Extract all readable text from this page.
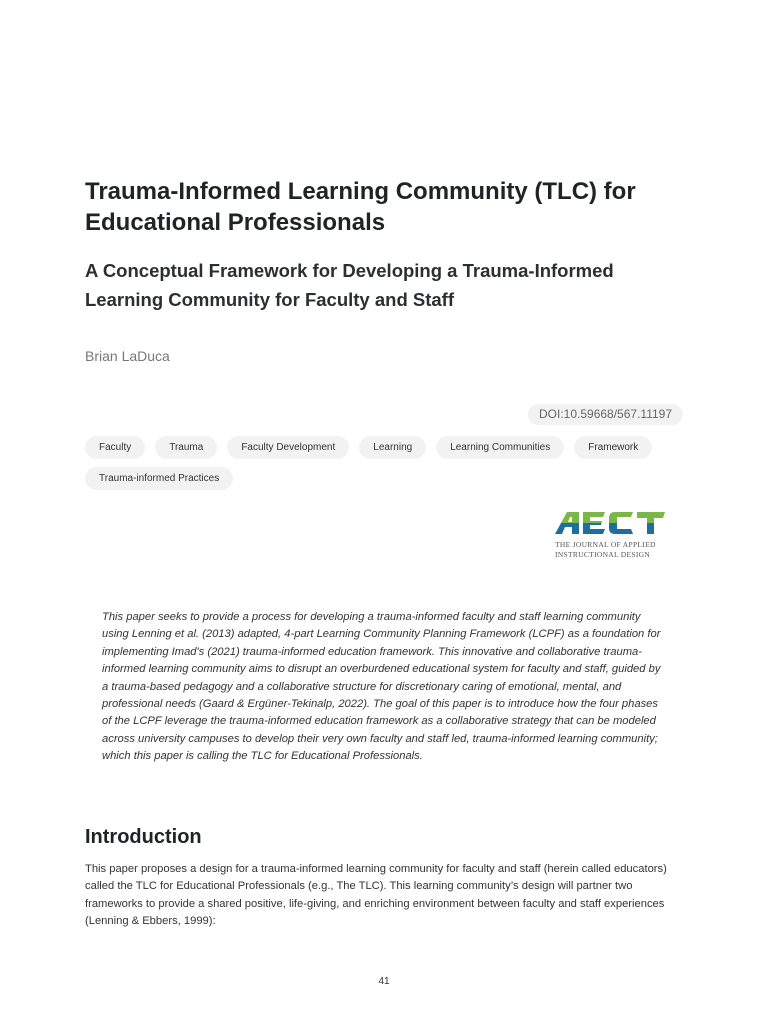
Trauma-Informed Learning Community (TLC) for Educational Professionals
A Conceptual Framework for Developing a Trauma-Informed Learning Community for Faculty and Staff

Brian LaDuca

DOI:10.59668/567.11197
Faculty	Trauma	Faculty Development	Learning	Learning Communities	Framework
Trauma-informed Practices
THE JOURNAL OF APPLIED
INSTRUCTIONAL DESIGN

This paper seeks to provide a process for developing a trauma-informed faculty and staff learning community using Lenning et al. (2013) adapted, 4-part Learning Community Planning Framework (LCPF) as a foundation for implementing Imad's (2021) trauma-informed education framework. This innovative and collaborative trauma-informed learning community aims to disrupt an overburdened educational system for faculty and staff, guided by a trauma-based pedagogy and a collaborative structure for discretionary caring of emotional, mental, and professional needs (Gaard & Ergüner-Tekinalp, 2022). The goal of this paper is to introduce how the four phases of the LCPF leverage the trauma-informed education framework as a collaborative strategy that can be modeled across university campuses to develop their very own faculty and staff led, trauma-informed learning community; which this paper is calling the TLC for Educational Professionals.

Introduction

This paper proposes a design for a trauma-informed learning community for faculty and staff (herein called educators) called the TLC for Educational Professionals (e.g., The TLC). This learning community’s design will partner two frameworks to provide a shared positive, life-giving, and enriching environment between faculty and staff experiences (Lenning & Ebbers, 1999):

41
